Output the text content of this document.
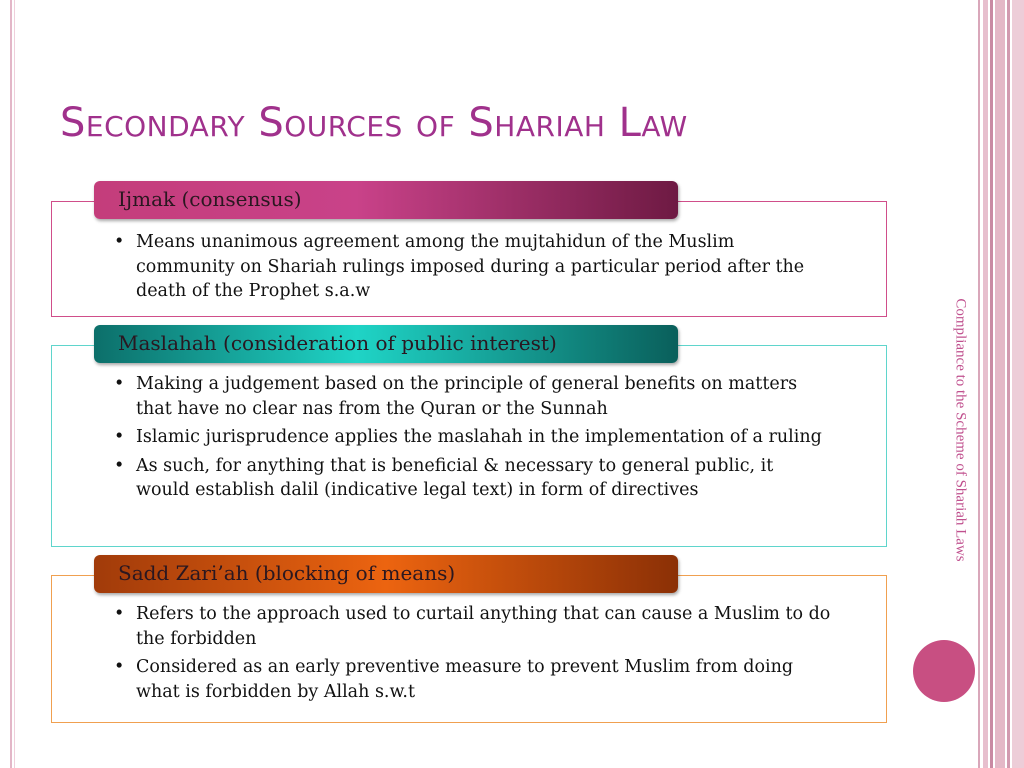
Secondary Sources of Shariah Law
Ijmak (consensus)
• Means unanimous agreement among the mujtahidun of the Muslim community on Shariah rulings imposed during a particular period after the death of the Prophet s.a.w
Maslahah (consideration of public interest)
• Making a judgement based on the principle of general benefits on matters that have no clear nas from the Quran or the Sunnah
• Islamic jurisprudence applies the maslahah in the implementation of a ruling
• As such, for anything that is beneficial & necessary to general public, it would establish dalil (indicative legal text) in form of directives
Sadd Zari’ah (blocking of means)
• Refers to the approach used to curtail anything that can cause a Muslim to do the forbidden
• Considered as an early preventive measure to prevent Muslim from doing what is forbidden by Allah s.w.t
Compliance to the Scheme of Shariah Laws
